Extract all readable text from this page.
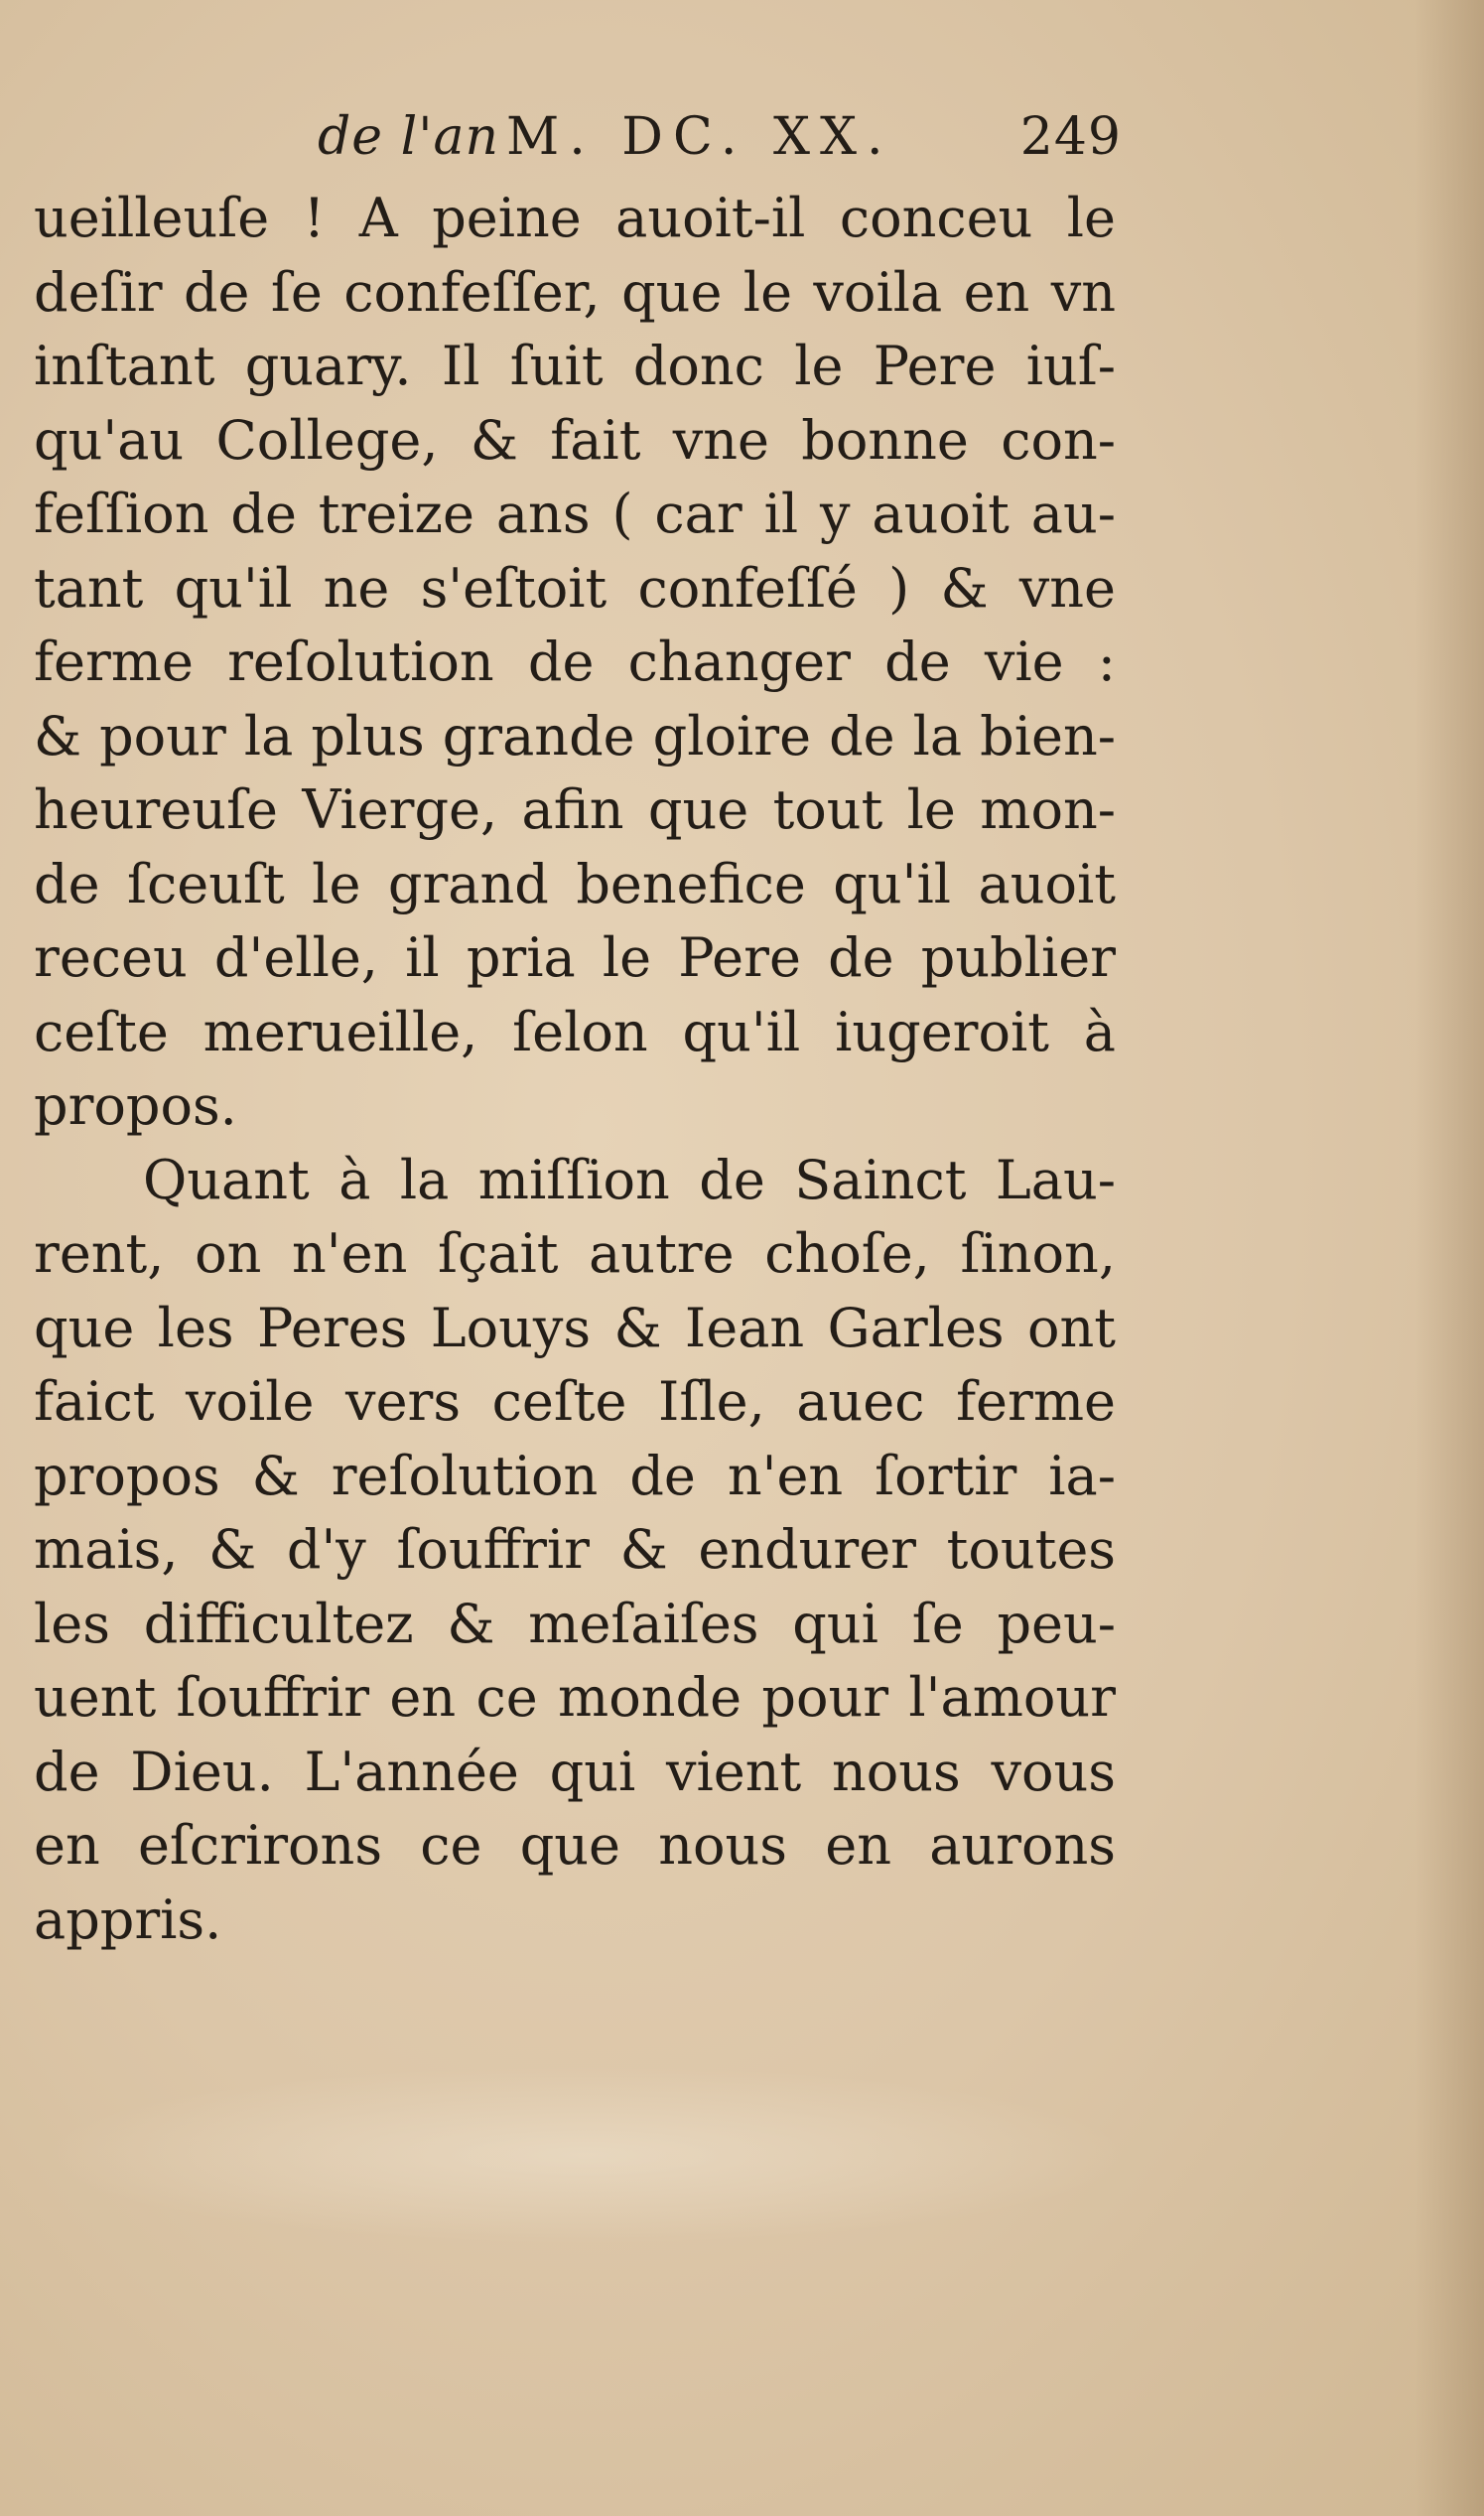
de l'an M. DC. XX. 249
ueilleuſe ! A peine auoit-il conceu le
deſir de ſe confeſſer, que le voila en vn
inſtant guary. Il ſuit donc le Pere iuſ-
qu'au College, & fait vne bonne con-
feſſion de treize ans ( car il y auoit au-
tant qu'il ne s'eſtoit confeſſé ) & vne
ferme reſolution de changer de vie :
& pour la plus grande gloire de la bien-
heureuſe Vierge, afin que tout le mon-
de ſceuſt le grand benefice qu'il auoit
receu d'elle, il pria le Pere de publier
ceſte merueille, ſelon qu'il iugeroit à
propos.
Quant à la miſſion de Sainct Lau-
rent, on n'en ſçait autre choſe, ſinon,
que les Peres Louys & Iean Garles ont
faict voile vers ceſte Iſle, auec ferme
propos & reſolution de n'en ſortir ia-
mais, & d'y ſouffrir & endurer toutes
les difficultez & meſaiſes qui ſe peu-
uent ſouffrir en ce monde pour l'amour
de Dieu. L'année qui vient nous vous
en eſcrirons ce que nous en aurons
appris.
